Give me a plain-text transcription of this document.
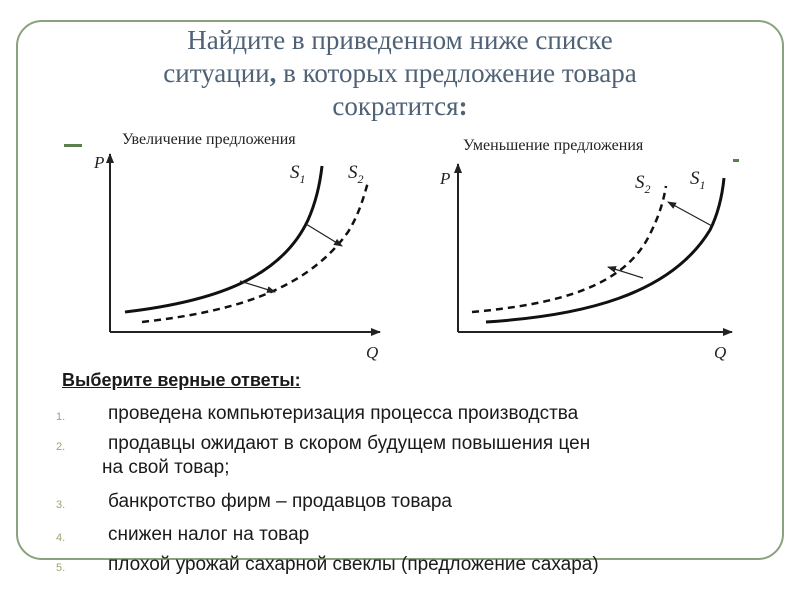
Найдите в приведенном ниже списке
ситуации, в которых предложение товара
сократится:
Увеличение предложения
P
Q
$S_1$ $S_2$
Уменьшение предложения
P
Q
$S_2$ $S_1$
Выберите верные ответы:
1.	проведена компьютеризация процесса производства
2.	продавцы ожидают в скором будущем повышения цен
на свой товар;
3.	банкротство фирм – продавцов товара
4.	снижен налог на товар
5.	плохой урожай сахарной свеклы (предложение сахара)
